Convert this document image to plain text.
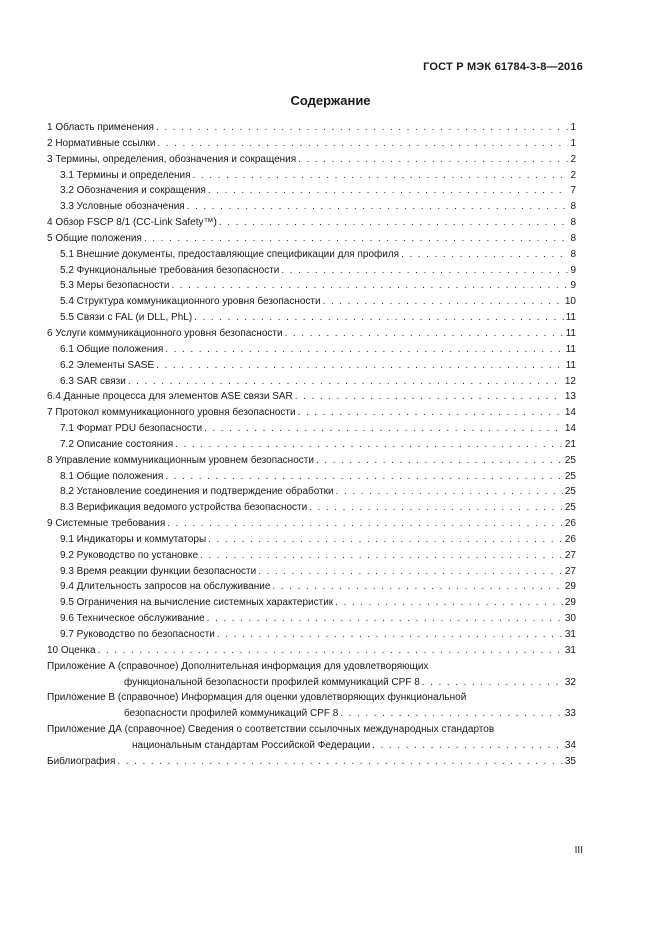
ГОСТ Р МЭК 61784-3-8—2016
Содержание
1 Область применения . . .	1
2 Нормативные ссылки . . .	1
3 Термины, определения, обозначения и сокращения . . .	2
3.1 Термины и определения . . .	2
3.2 Обозначения и сокращения . . .	7
3.3 Условные обозначения . . .	8
4 Обзор FSCP 8/1 (CC-Link Safety™) . . .	8
5 Общие положения . . .	8
5.1 Внешние документы, предоставляющие спецификации для профиля . . .	8
5.2 Функциональные требования безопасности . . .	9
5.3 Меры безопасности . . .	9
5.4 Структура коммуникационного уровня безопасности . . .	10
5.5 Связи с FAL (и DLL, PhL) . . .	11
6 Услуги коммуникационного уровня безопасности . . .	11
6.1 Общие положения . . .	11
6.2 Элементы SASE . . .	11
6.3 SAR связи . . .	12
6.4 Данные процесса для элементов ASE связи SAR . . .	13
7 Протокол коммуникационного уровня безопасности . . .	14
7.1 Формат PDU безопасности . . .	14
7.2 Описание состояния . . .	21
8 Управление коммуникационным уровнем безопасности . . .	25
8.1 Общие положения . . .	25
8.2 Установление соединения и подтверждение обработки . . .	25
8.3 Верификация ведомого устройства безопасности . . .	25
9 Системные требования . . .	26
9.1 Индикаторы и коммутаторы . . .	26
9.2 Руководство по установке . . .	27
9.3 Время реакции функции безопасности . . .	27
9.4 Длительность запросов на обслуживание . . .	29
9.5 Ограничения на вычисление системных характеристик . . .	29
9.6 Техническое обслуживание . . .	30
9.7 Руководство по безопасности . . .	31
10 Оценка . . .	31
Приложение А (справочное) Дополнительная информация для удовлетворяющих
функциональной безопасности профилей коммуникаций CPF 8 . . .	32
Приложение В (справочное) Информация для оценки удовлетворяющих функциональной
безопасности профилей коммуникаций CPF 8 . . .	33
Приложение ДА (справочное) Сведения о соответствии ссылочных международных стандартов
национальным стандартам Российской Федерации . . .	34
Библиография . . .	35
III
